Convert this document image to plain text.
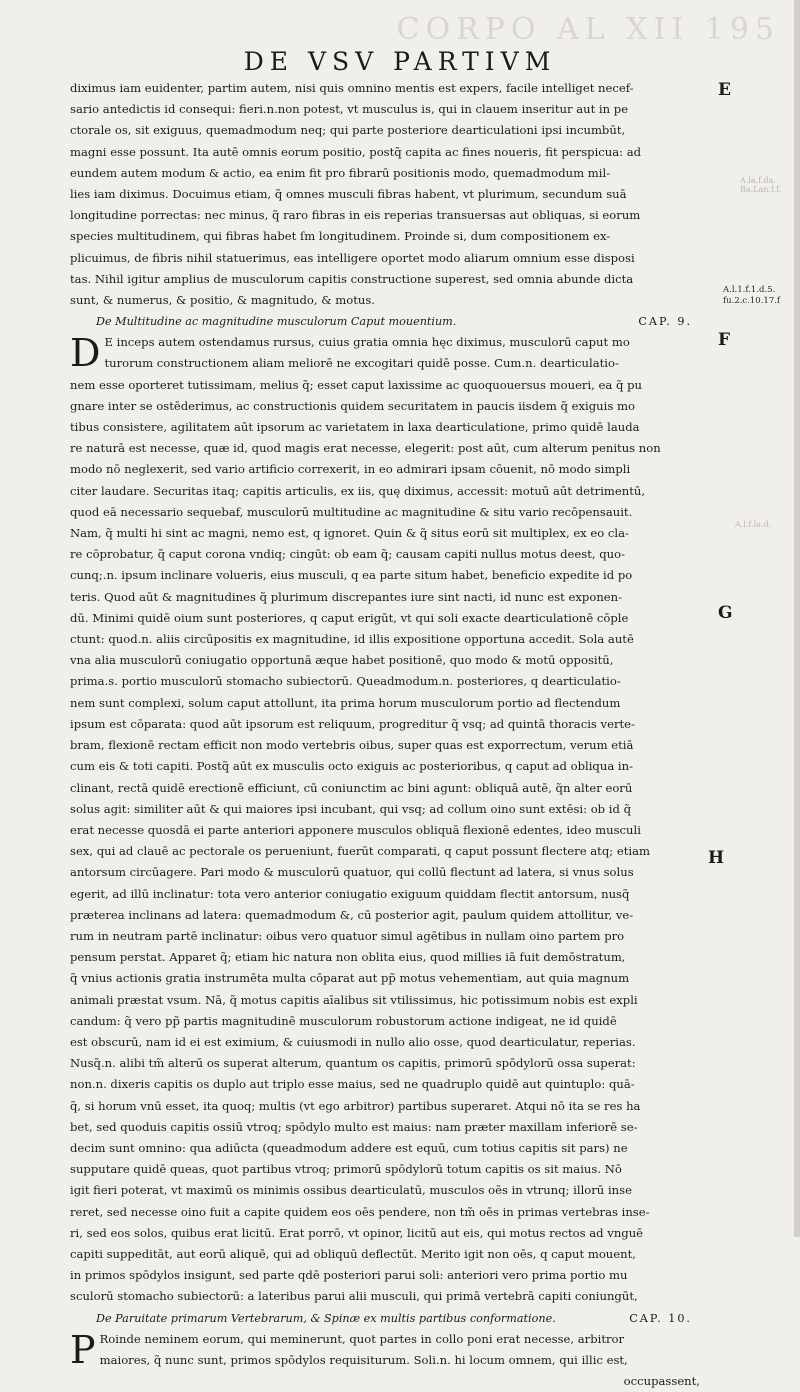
CORPO AL XII 195
DE VSV PARTIVM

diximus iam euidenter, partim autem, nisi quis omnino mentis est expers, facile intelliget necef-
sario antedictis id consequi: fieri.n.non potest, vt musculus is, qui in clauem inseritur aut in pe
ctorale os, sit exiguus, quemadmodum neq; qui parte posteriore dearticulationi ipsi incumbūt,
magni esse possunt. Ita autē omnis eorum positio, postq̃ capita ac fines noueris, fit perspicua: ad
eundem autem modum & actio, ea enim fit pro fibrarū positionis modo, quemadmodum mil-
lies iam diximus. Docuimus etiam, q̃ omnes musculi fibras habent, vt plurimum, secundum suā
longitudine porrectas: nec minus, q̃ raro fibras in eis reperias transuersas aut obliquas, si eorum
species multitudinem, qui fibras habet ſm longitudinem. Proinde si, dum compositionem ex-
plicuimus, de fibris nihil statuerimus, eas intelligere oportet modo aliarum omnium esse disposi
tas. Nihil igitur amplius de musculorum capitis constructione superest, sed omnia abunde dicta
sunt, & numerus, & positio, & magnitudo, & motus.

De Multitudine ac magnitudine musculorum Caput mouentium.	CAP. 9.

D E inceps autem ostendamus rursus, cuius gratia omnia hęc diximus, musculorū caput mo
turorum constructionem aliam meliorē ne excogitari quidē posse. Cum.n. dearticulatio-
nem esse oporteret tutissimam, melius q̃; esset caput laxissime ac quoquouersus moueri, ea q̃ pu
gnare inter se ostēderimus, ac constructionis quidem securitatem in paucis iisdem q̃ exiguis mo
tibus consistere, agilitatem aūt ipsorum ac varietatem in laxa dearticulatione, primo quidē lauda
re naturā est necesse, quæ id, quod magis erat necesse, elegerit: post aūt, cum alterum penitus non
modo nō neglexerit, sed vario artificio correxerit, in eo admirari ipsam cōuenit, nō modo simpli
citer laudare. Securitas itaq; capitis articulis, ex iis, quę diximus, accessit: motuū aūt detrimentū,
quod eā necessario sequebaf, musculorū multitudine ac magnitudine & situ vario recōpensauit.
Nam, q̃ multi hi sint ac magni, nemo est, q ignoret. Quin & q̃ situs eorū sit multiplex, ex eo cla-
re cōprobatur, q̃ caput corona vndiq; cingūt: ob eam q̃; causam capiti nullus motus deest, quo-
cunq;.n. ipsum inclinare volueris, eius musculi, q ea parte situm habet, beneficio expedite id po
teris. Quod aūt & magnitudines q̃ plurimum discrepantes iure sint nacti, id nunc est exponen-
dū. Minimi quidē oium sunt posteriores, q caput erigūt, vt qui soli exacte dearticulationē cōple
ctunt: quod.n. aliis circūpositis ex magnitudine, id illis expositione opportuna accedit. Sola autē
vna alia musculorū coniugatio opportunā æque habet positionē, quo modo & motū oppositū,
prima.s. portio musculorū stomacho subiectorū. Queadmodum.n. posteriores, q dearticulatio-
nem sunt complexi, solum caput attollunt, ita prima horum musculorum portio ad flectendum
ipsum est cōparata: quod aūt ipsorum est reliquum, progreditur q̃ vsq; ad quintā thoracis verte-
bram, flexionē rectam efficit non modo vertebris oibus, super quas est exporrectum, verum etiā
cum eis & toti capiti. Postq̃ aūt ex musculis octo exiguis ac posterioribus, q caput ad obliqua in-
clinant, rectā quidē erectionē efficiunt, cū coniunctim ac bini agunt: obliquā autē, q̃n alter eorū
solus agit: similiter aūt & qui maiores ipsi incubant, qui vsq; ad collum oino sunt extēsi: ob id q̃
erat necesse quosdā ei parte anteriori apponere musculos obliquā flexionē edentes, ideo musculi
sex, qui ad clauē ac pectorale os perueniunt, fuerūt comparati, q caput possunt flectere atq; etiam
antorsum circūagere. Pari modo & musculorū quatuor, qui collū flectunt ad latera, si vnus solus
egerit, ad illū inclinatur: tota vero anterior coniugatio exiguum quiddam flectit antorsum, nusq̃
præterea inclinans ad latera: quemadmodum &, cū posterior agit, paulum quidem attollitur, ve-
rum in neutram partē inclinatur: oibus vero quatuor simul agētibus in nullam oino partem pro
pensum perstat. Apparet q̃; etiam hic natura non oblita eius, quod millies iā fuit demōstratum,
q̃ vnius actionis gratia instrumēta multa cōparat aut pp̃ motus vehementiam, aut quia magnum
animali præstat vsum. Nā, q̃ motus capitis aīalibus sit vtilissimus, hic potissimum nobis est expli
candum: q̃ vero pp̃ partis magnitudinē musculorum robustorum actione indigeat, ne id quidē
est obscurū, nam id ei est eximium, & cuiusmodi in nullo alio osse, quod dearticulatur, reperias.
Nusq̃.n. alibi tm̃ alterū os superat alterum, quantum os capitis, primorū spōdylorū ossa superat:
non.n. dixeris capitis os duplo aut triplo esse maius, sed ne quadruplo quidē aut quintuplo: quā-
q̃, si horum vnū esset, ita quoq; multis (vt ego arbitror) partibus superaret. Atqui nō ita se res ha
bet, sed quoduis capitis ossiū vtroq; spōdylo multo est maius: nam præter maxillam inferiorē se-
decim sunt omnino: qua adiūcta (queadmodum addere est equū, cum totius capitis sit pars) ne
supputare quidē queas, quot partibus vtroq; primorū spōdylorū totum capitis os sit maius. Nō
igit fieri poterat, vt maximū os minimis ossibus dearticulatū, musculos oēs in vtrunq; illorū inse
reret, sed necesse oino fuit a capite quidem eos oēs pendere, non tm̃ oēs in primas vertebras inse-
ri, sed eos solos, quibus erat licitū. Erat porrō, vt opinor, licitū aut eis, qui motus rectos ad vnguē
capiti suppeditāt, aut eorū aliquē, qui ad obliquū deflectūt. Merito igit non oēs, q caput mouent,
in primos spōdylos insigunt, sed parte qdē posteriori parui soli: anteriori vero prima portio mu
sculorū stomacho subiectorū: a lateribus parui alii musculi, qui primā vertebrā capiti coniungūt,

De Paruitate primarum Vertebrarum, & Spinæ ex multis partibus conformatione.	CAP. 10.

P Roinde neminem eorum, qui meminerunt, quot partes in collo poni erat necesse, arbitror
maiores, q̃ nunc sunt, primos spōdylos requisiturum. Soli.n. hi locum omnem, qui illic est,

occupassent,
E
F
G
H
A.l.1.f.1.d.5.
fu.2.c.10.17.f
A.la.f.da. Ba.Lan.f.f.
A.l.f.la.d.
